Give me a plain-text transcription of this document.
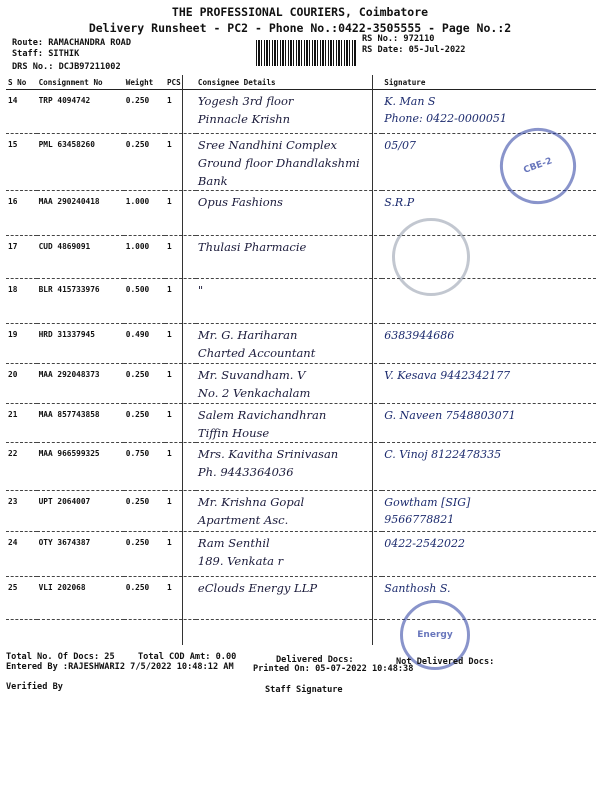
THE PROFESSIONAL COURIERS, Coimbatore
Delivery Runsheet - PC2 - Phone No.:0422-3505555 - Page No.:2
Route: RAMACHANDRA ROAD
Staff: SITHIK
DRS No.: DCJB97211002
RS No.: 972110
RS Date: 05-Jul-2022
S No	Consignment No	Weight	PCS	Consignee Details	Signature
14	TRP 4094742	0.250	1	Yogesh 3rd floor
Pinnacle Krishn	K. Man S
Phone: 0422-0000051

15	PML 63458260	0.250	1	Sree Nandhini Complex
Ground floor Dhandlakshmi Bank	05/07

16	MAA 290240418	1.000	1	Opus Fashions	S.R.P

17	CUD 4869091	1.000	1	Thulasi Pharmacie	

18	BLR 415733976	0.500	1	"	

19	HRD 31337945	0.490	1	Mr. G. Hariharan
Charted Accountant	6383944686

20	MAA 292048373	0.250	1	Mr. Suvandham. V
No. 2 Venkachalam	V. Kesava 9442342177

21	MAA 857743858	0.250	1	Salem Ravichandhran
Tiffin House	G. Naveen 7548803071

22	MAA 966599325	0.750	1	Mrs. Kavitha Srinivasan
Ph. 9443364036	C. Vinoj 8122478335

23	UPT 2064007	0.250	1	Mr. Krishna Gopal
Apartment Asc.	Gowtham [SIG]
9566778821

24	OTY 3674387	0.250	1	Ram Senthil
189. Venkata r	0422-2542022

25	VLI 202068	0.250	1	eClouds Energy LLP	Santhosh S.
CBE-2
Energy
Total No. Of Docs: 25	Total COD Amt: 0.00	Delivered Docs:	Not Delivered Docs:
Entered By :RAJESHWARI2 7/5/2022 10:48:12 AM Printed On: 05-07-2022 10:48:38
Verified By	Staff Signature
